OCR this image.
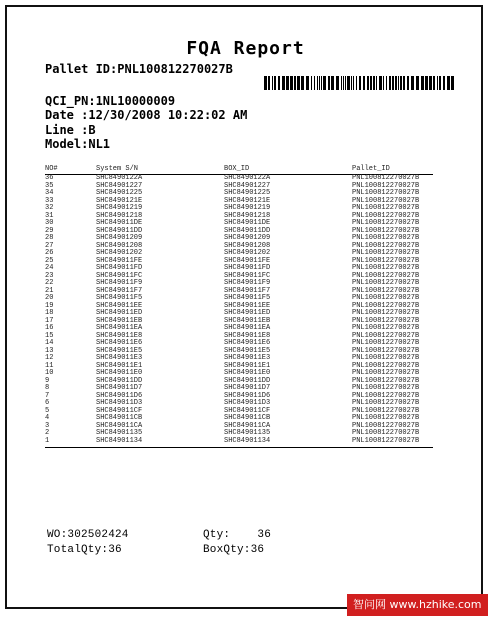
FQA Report
Pallet ID:PNL100812270027B
QCI_PN:1NL10000009
Date :12/30/2008 10:22:02 AM
Line :B
Model:NL1
NO#	System S/N	BOX_ID	Pallet_ID
36	SHC8490122A	SHC8490122A	PNL100812270027B
35	SHC84901227	SHC84901227	PNL100812270027B
34	SHC84901225	SHC84901225	PNL100812270027B
33	SHC8490121E	SHC8490121E	PNL100812270027B
32	SHC84901219	SHC84901219	PNL100812270027B
31	SHC84901218	SHC84901218	PNL100812270027B
30	SHC849011DE	SHC849011DE	PNL100812270027B
29	SHC849011DD	SHC849011DD	PNL100812270027B
28	SHC84901209	SHC84901209	PNL100812270027B
27	SHC84901208	SHC84901208	PNL100812270027B
26	SHC84901202	SHC84901202	PNL100812270027B
25	SHC849011FE	SHC849011FE	PNL100812270027B
24	SHC849011FD	SHC849011FD	PNL100812270027B
23	SHC849011FC	SHC849011FC	PNL100812270027B
22	SHC849011F9	SHC849011F9	PNL100812270027B
21	SHC849011F7	SHC849011F7	PNL100812270027B
20	SHC849011F5	SHC849011F5	PNL100812270027B
19	SHC849011EE	SHC849011EE	PNL100812270027B
18	SHC849011ED	SHC849011ED	PNL100812270027B
17	SHC849011EB	SHC849011EB	PNL100812270027B
16	SHC849011EA	SHC849011EA	PNL100812270027B
15	SHC849011E8	SHC849011E8	PNL100812270027B
14	SHC849011E6	SHC849011E6	PNL100812270027B
13	SHC849011E5	SHC849011E5	PNL100812270027B
12	SHC849011E3	SHC849011E3	PNL100812270027B
11	SHC849011E1	SHC849011E1	PNL100812270027B
10	SHC849011E0	SHC849011E0	PNL100812270027B
9	SHC849011DD	SHC849011DD	PNL100812270027B
8	SHC849011D7	SHC849011D7	PNL100812270027B
7	SHC849011D6	SHC849011D6	PNL100812270027B
6	SHC849011D3	SHC849011D3	PNL100812270027B
5	SHC849011CF	SHC849011CF	PNL100812270027B
4	SHC849011CB	SHC849011CB	PNL100812270027B
3	SHC849011CA	SHC849011CA	PNL100812270027B
2	SHC84901135	SHC84901135	PNL100812270027B
1	SHC84901134	SHC84901134	PNL100812270027B
WO:302502424	Qty:    36
TotalQty:36	BoxQty:36
智问网 www.hzhike.com
